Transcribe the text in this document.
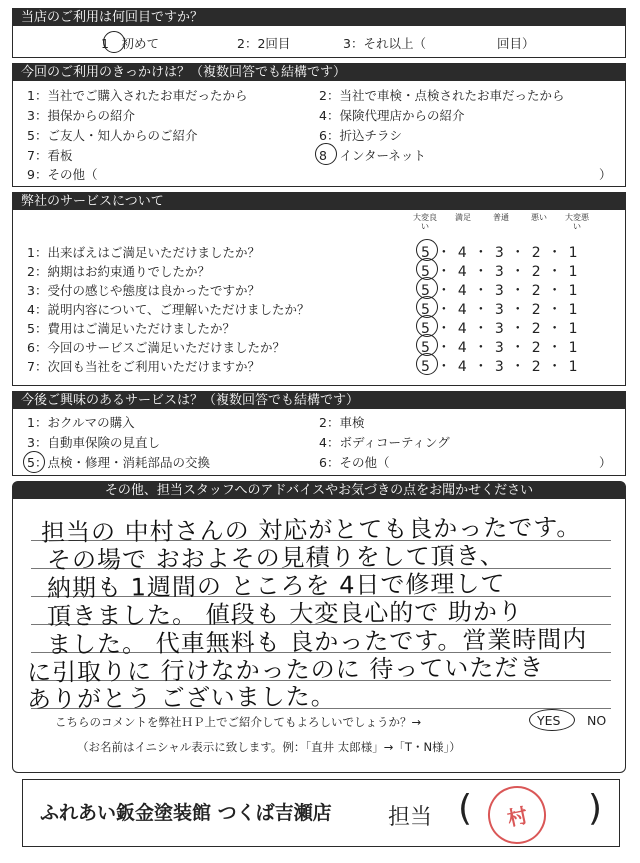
当店のご利用は何回目ですか？
1　初めて	2：2回目	3：それ以上（	回目）
今回のご利用のきっかけは？（複数回答でも結構です）
1：当社でご購入されたお車だったから	2：当社で車検・点検されたお車だったから
3：損保からの紹介	4：保険代理店からの紹介
5：ご友人・知人からのご紹介	6：折込チラシ
7：看板	8　インターネット
9：その他（	）
弊社のサービスについて
大変良い
満足	普通	悪い	大変悪い
1：出来ばえはご満足いただけましたか？	5・4・3・2・1
2：納期はお約束通りでしたか？	5・4・3・2・1
3：受付の感じや態度は良かったですか？	5・4・3・2・1
4：説明内容について、ご理解いただけましたか？	5・4・3・2・1
5：費用はご満足いただけましたか？	5・4・3・2・1
6：今回のサービスご満足いただけましたか？	5・4・3・2・1
7：次回も当社をご利用いただけますか？	5・4・3・2・1
今後ご興味のあるサービスは？（複数回答でも結構です）
1：おクルマの購入	2：車検
3：自動車保険の見直し	4：ボディコーティング
5：点検・修理・消耗部品の交換	6：その他（	）
その他、担当スタッフへのアドバイスやお気づきの点をお聞かせください
担当の 中村さんの 対応がとても良かったです。
その場で おおよその見積りをして頂き、
納期も 1週間の ところを 4日で修理して
頂きました。 値段も 大変良心的で 助かり
ました。 代車無料も 良かったです。営業時間内
に引取りに 行けなかったのに 待っていただき
ありがとう ございました。
こちらのコメントを弊社ＨＰ上でご紹介してもよろしいでしょうか？→	YES NO
（お名前はイニシャル表示に致します。例：「直井 太郎様」→「T・N様」）
ふれあい鈑金塗装館 つくば吉瀬店	担当 (	)
村
